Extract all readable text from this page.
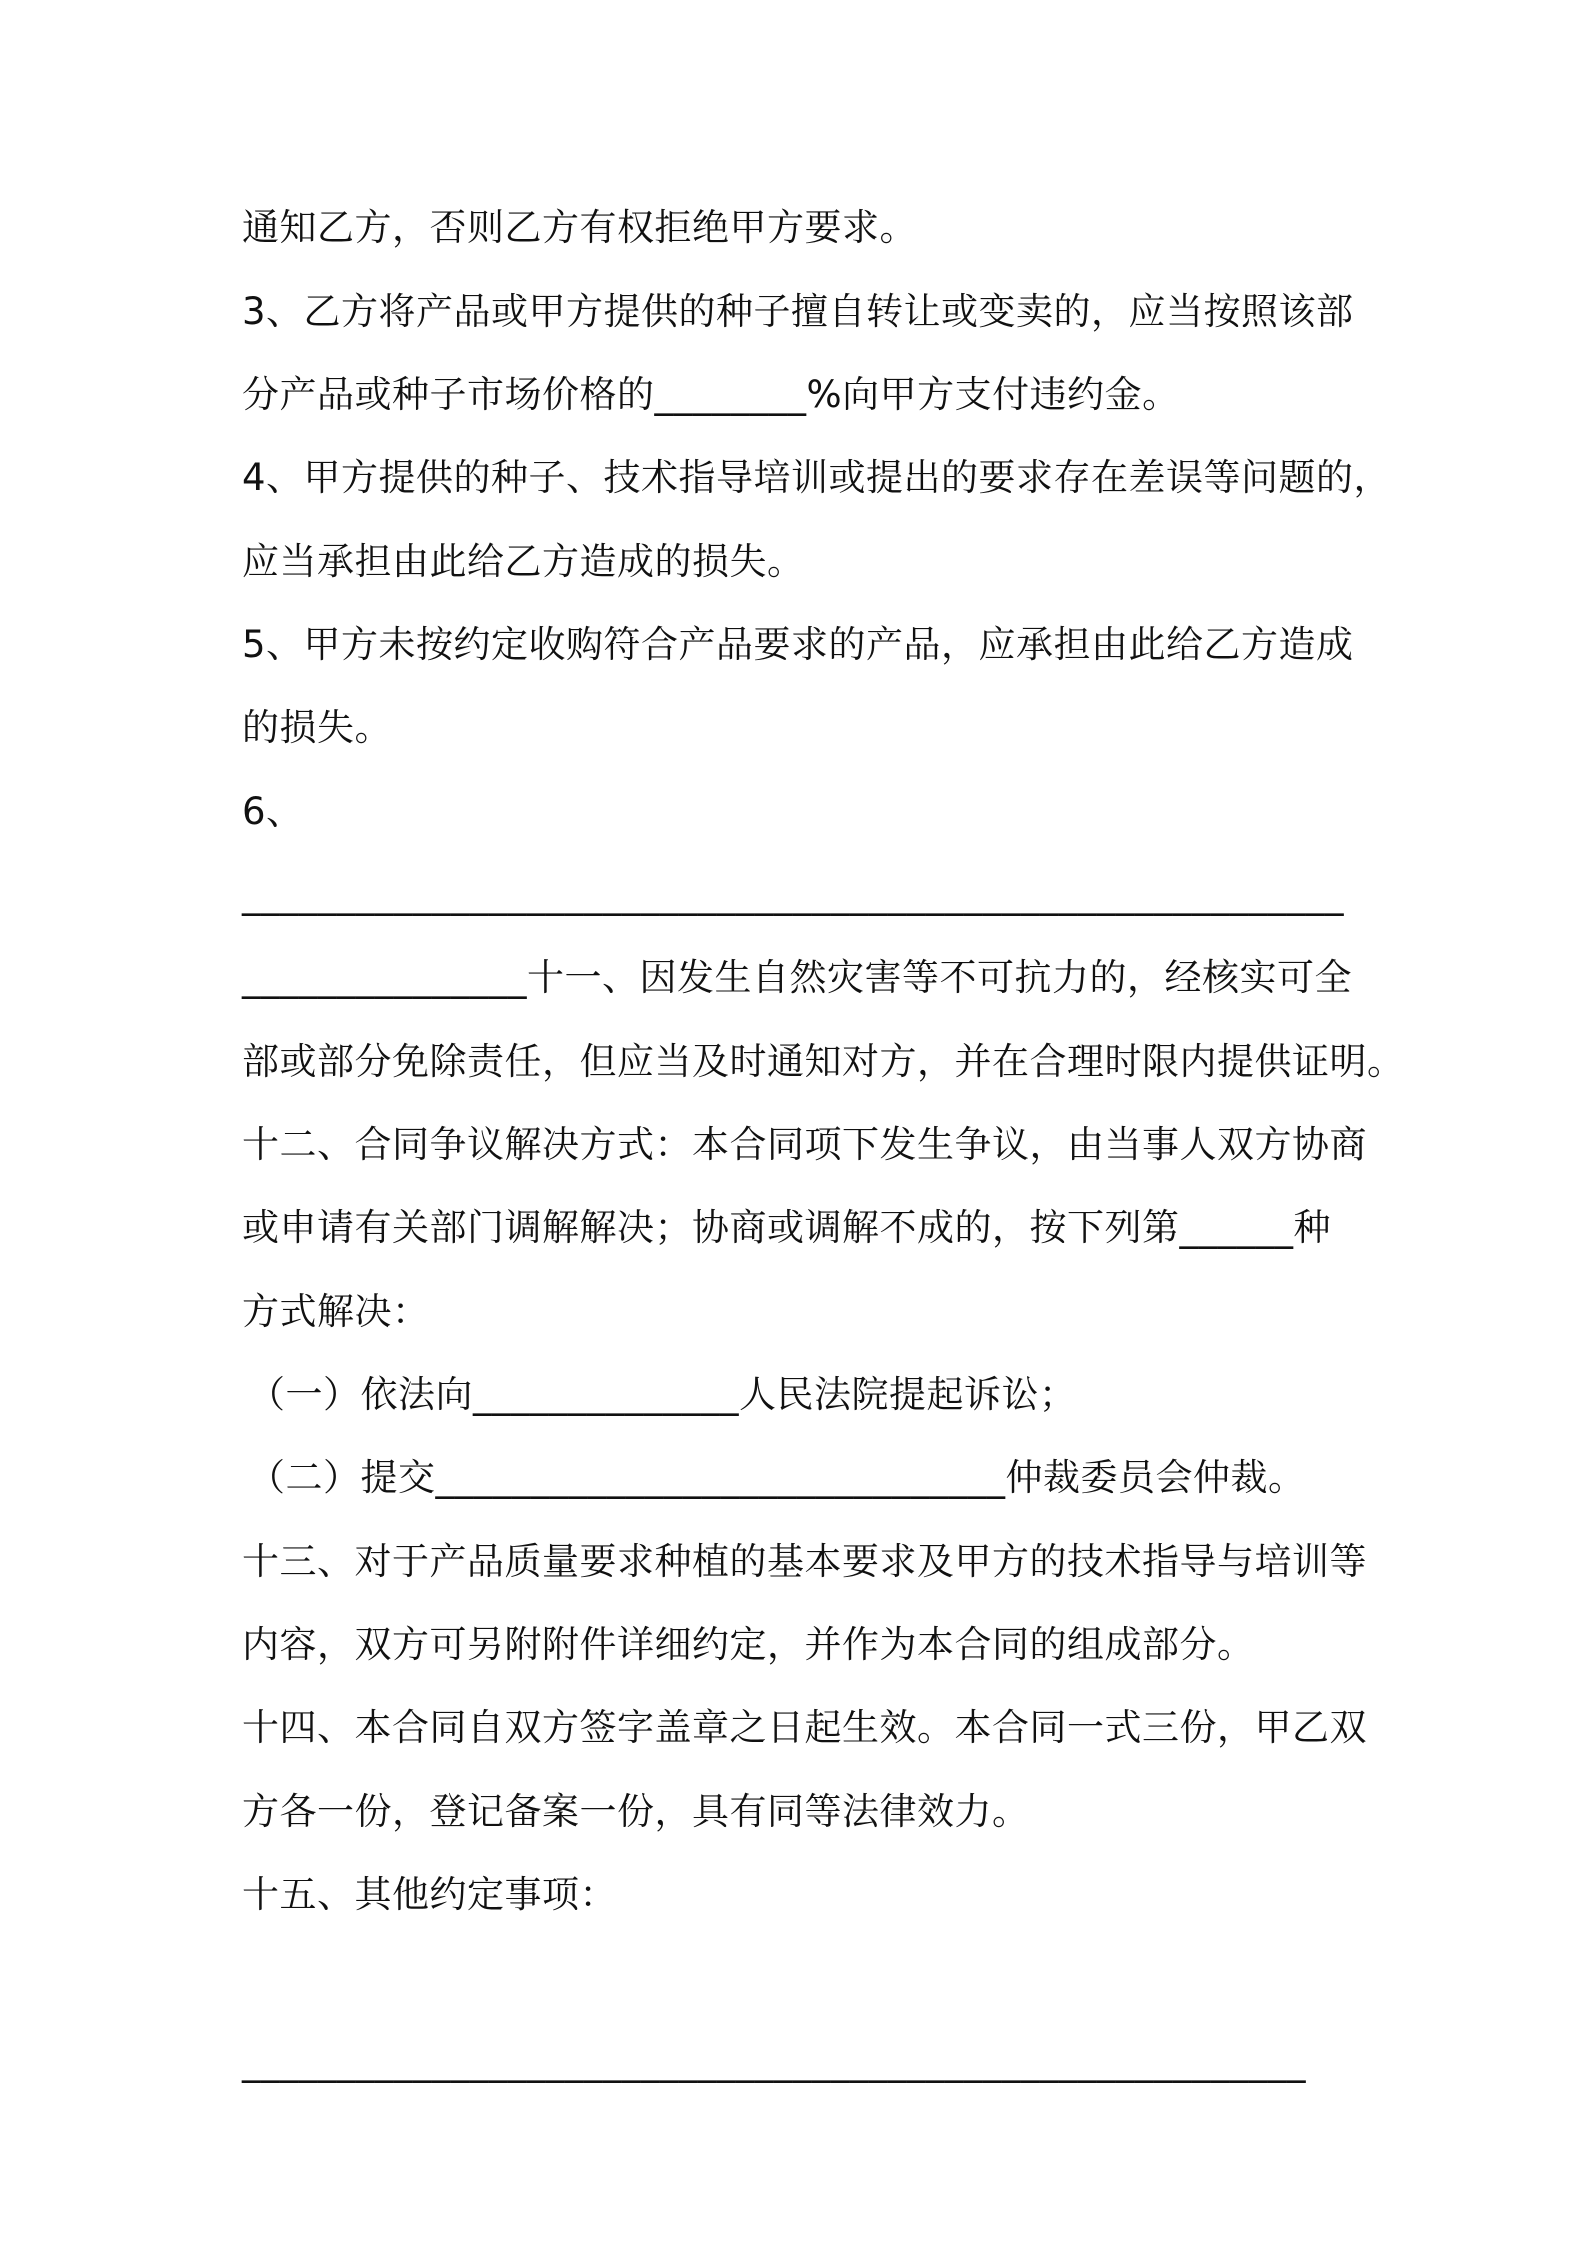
通知乙方，否则乙方有权拒绝甲方要求。
3、乙方将产品或甲方提供的种子擅自转让或变卖的，应当按照该部
分产品或种子市场价格的________%向甲方支付违约金。
4、甲方提供的种子、技术指导培训或提出的要求存在差误等问题的，
应当承担由此给乙方造成的损失。
5、甲方未按约定收购符合产品要求的产品，应承担由此给乙方造成
的损失。
6、
__________________________________________________________
_______________十一、因发生自然灾害等不可抗力的，经核实可全
部或部分免除责任，但应当及时通知对方，并在合理时限内提供证明。
十二、合同争议解决方式：本合同项下发生争议，由当事人双方协商
或申请有关部门调解解决；协商或调解不成的，按下列第______种
方式解决：
（一）依法向______________人民法院提起诉讼；
（二）提交______________________________仲裁委员会仲裁。
十三、对于产品质量要求种植的基本要求及甲方的技术指导与培训等
内容，双方可另附附件详细约定，并作为本合同的组成部分。
十四、本合同自双方签字盖章之日起生效。本合同一式三份，甲乙双
方各一份，登记备案一份，具有同等法律效力。
十五、其他约定事项：
________________________________________________________
